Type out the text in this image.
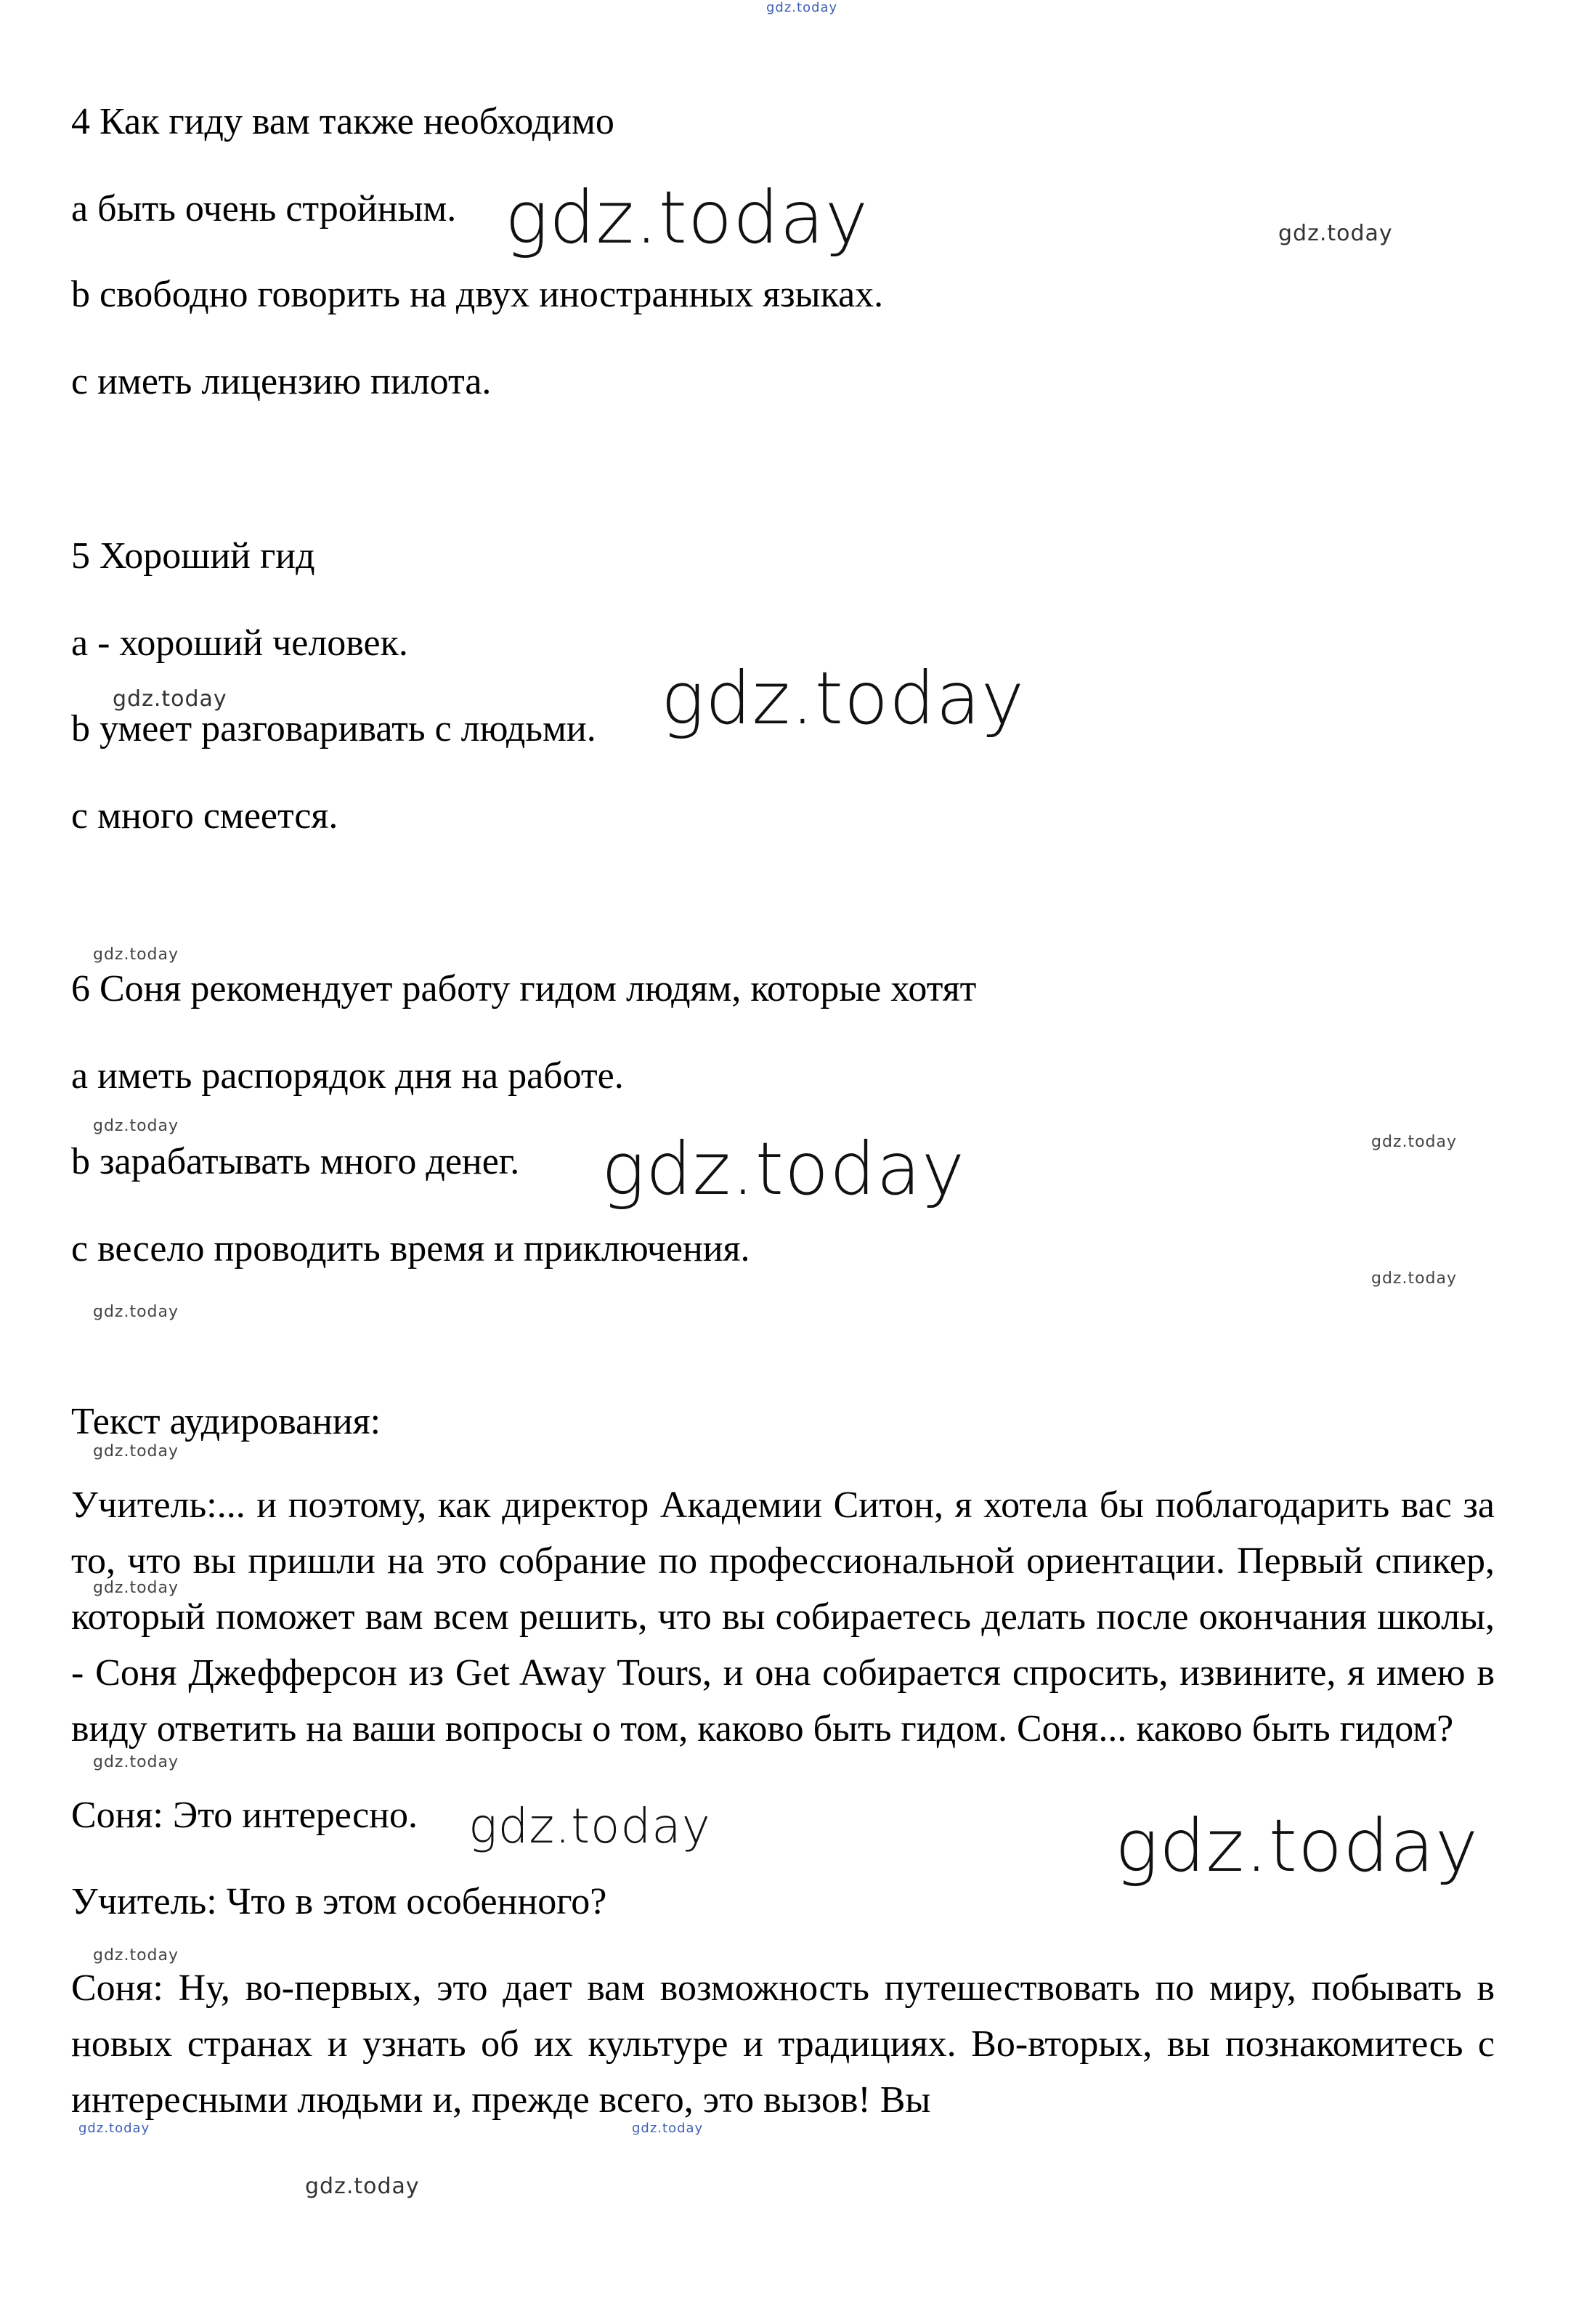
4 Как гиду вам также необходимо
a быть очень стройным.
b свободно говорить на двух иностранных языках.
c иметь лицензию пилота.
5 Хороший гид
a - хороший человек.
b умеет разговаривать с людьми.
c много смеется.
6 Соня рекомендует работу гидом людям, которые хотят
a иметь распорядок дня на работе.
b зарабатывать много денег.
c весело проводить время и приключения.
Текст аудирования:

Учитель:... и поэтому, как директор Академии Ситон, я хотела бы поблагодарить вас за то, что вы пришли на это собрание по профессиональной ориентации. Первый спикер, который поможет вам всем решить, что вы собираетесь делать после окончания школы, - Соня Джефферсон из Get Away Tours, и она собирается спросить, извините, я имею в виду ответить на ваши вопросы о том, каково быть гидом. Соня... каково быть гидом?

Соня: Это интересно.

Учитель: Что в этом особенного?

Соня: Ну, во-первых, это дает вам возможность путешествовать по миру, побывать в новых странах и узнать об их культуре и традициях. Во-вторых, вы познакомитесь с интересными людьми и, прежде всего, это вызов! Вы

gdz.today
gdz.today	gdz.today
gdz.today
gdz.today
gdz.today
gdz.today
gdz.today	gdz.today
gdz.today
gdz.today
gdz.today
gdz.today
gdz.today
gdz.today	gdz.today
gdz.today
gdz.today	gdz.today
gdz.today
